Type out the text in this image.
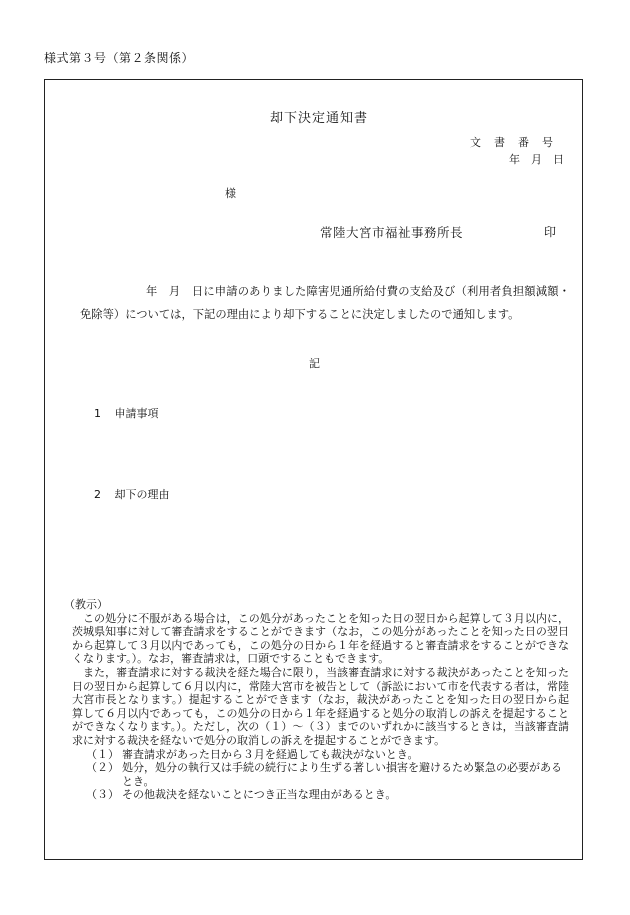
様式第３号（第２条関係）
却下決定通知書
文書番号
年　月　日
様
常陸大宮市福祉事務所長	印
年　月　日に申請のありました障害児通所給付費の支給及び（利用者負担額減額・免除等）については，下記の理由により却下することに決定しましたので通知します。
記
1 申請事項
2 却下の理由

（教示）

この処分に不服がある場合は，この処分があったことを知った日の翌日から起算して３月以内に，茨城県知事に対して審査請求をすることができます（なお，この処分があったことを知った日の翌日から起算して３月以内であっても，この処分の日から１年を経過すると審査請求をすることができなくなります。）。なお，審査請求は，口頭ですることもできます。

また，審査請求に対する裁決を経た場合に限り，当該審査請求に対する裁決があったことを知った日の翌日から起算して６月以内に，常陸大宮市を被告として（訴訟において市を代表する者は，常陸大宮市長となります。）提起することができます（なお，裁決があったことを知った日の翌日から起算して６月以内であっても，この処分の日から１年を経過すると処分の取消しの訴えを提起することができなくなります。）。ただし，次の（１）～（３）までのいずれかに該当するときは，当該審査請求に対する裁決を経ないで処分の取消しの訴えを提起することができます。

（１） 審査請求があった日から３月を経過しても裁決がないとき。

（２） 処分，処分の執行又は手続の続行により生ずる著しい損害を避けるため緊急の必要があるとき。

（３） その他裁決を経ないことにつき正当な理由があるとき。
